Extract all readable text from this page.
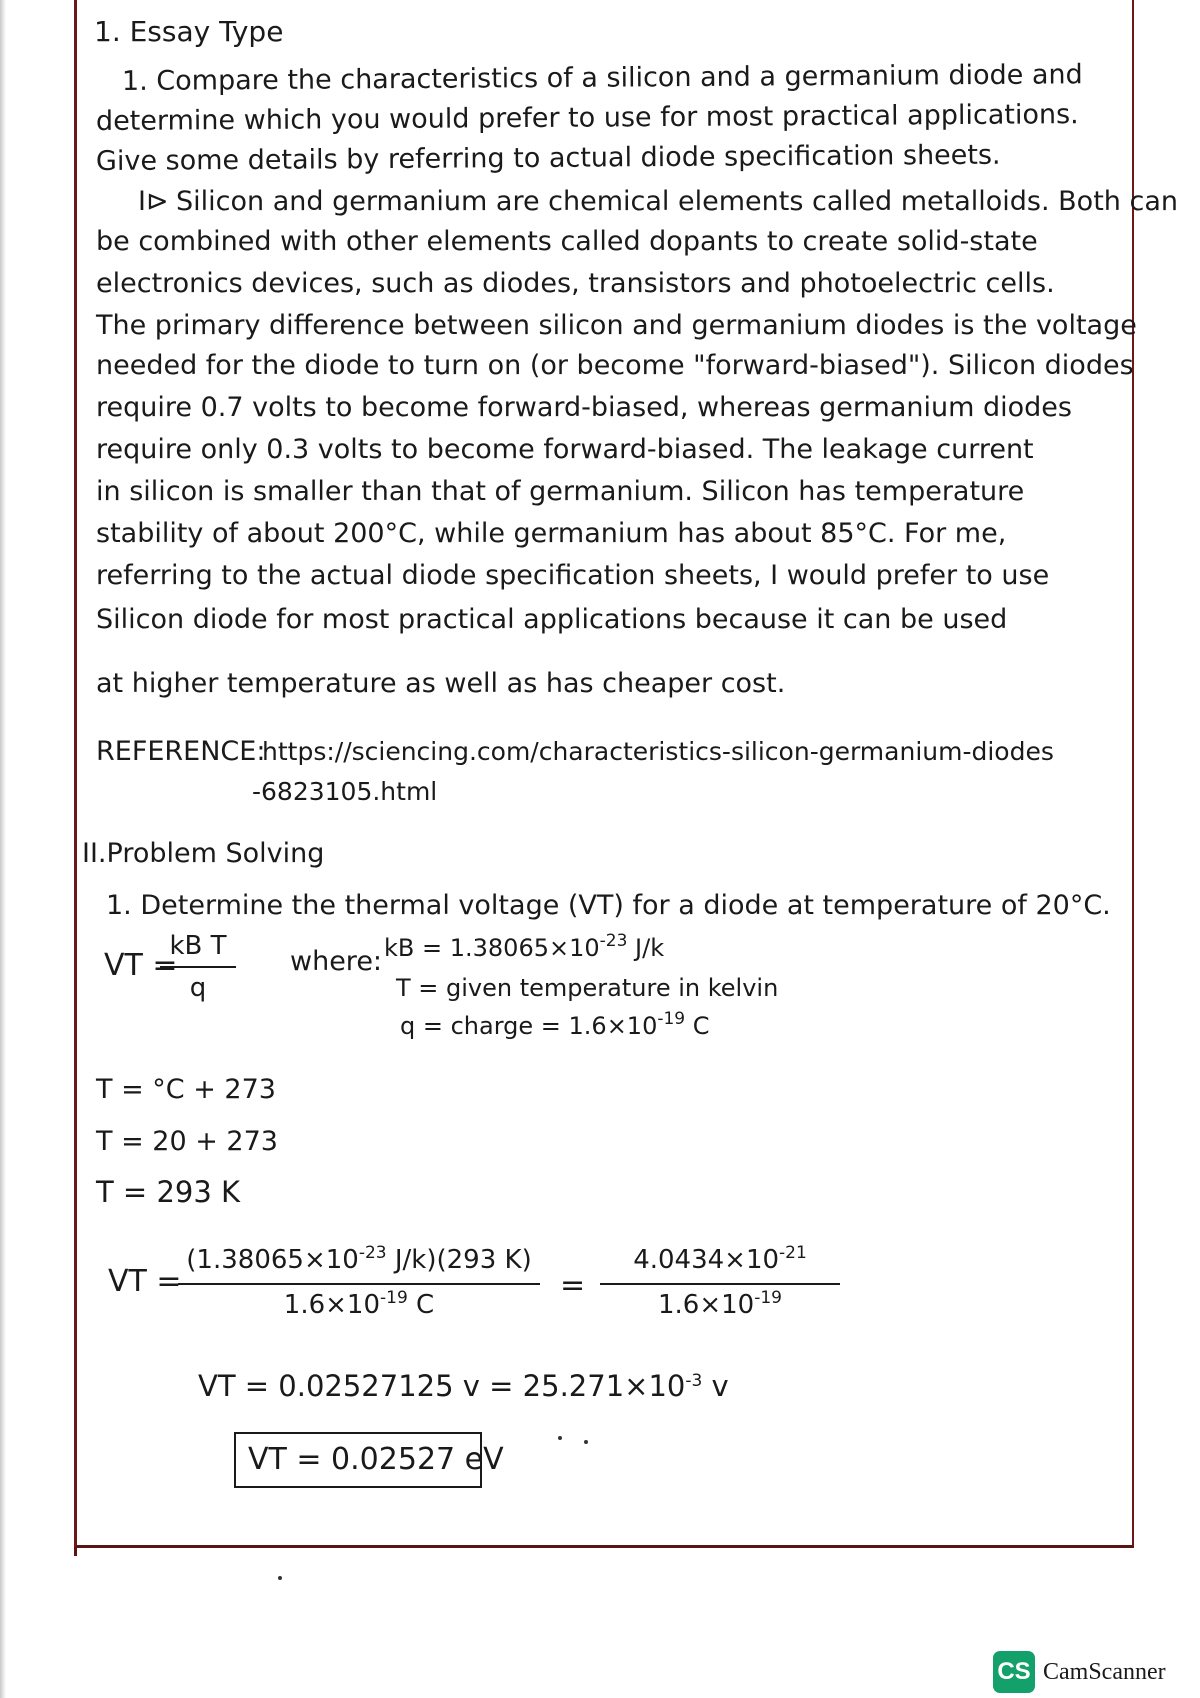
1. Essay Type
1. Compare the characteristics of a silicon and a germanium diode and
determine which you would prefer to use for most practical applications.
Give some details by referring to actual diode specification sheets.
I⊳ Silicon and germanium are chemical elements called metalloids. Both can
be combined with other elements called dopants to create solid-state
electronics devices, such as diodes, transistors and photoelectric cells.
The primary difference between silicon and germanium diodes is the voltage
needed for the diode to turn on (or become "forward-biased"). Silicon diodes
require 0.7 volts to become forward-biased, whereas germanium diodes
require only 0.3 volts to become forward-biased. The leakage current
in silicon is smaller than that of germanium. Silicon has temperature
stability of about 200°C, while germanium has about 85°C. For me,
referring to the actual diode specification sheets, I would prefer to use
Silicon diode for most practical applications because it can be used
at higher temperature as well as has cheaper cost.
REFERENCE:
https://sciencing.com/characteristics-silicon-germanium-diodes
-6823105.html
II.Problem Solving
1. Determine the thermal voltage (VT) for a diode at temperature of 20°C.
VT =
kB T
q
where: kB = $1.38065\times 10^{-23}$ J/k
T = given temperature in kelvin
q = charge = $1.6\times 10^{-19}$ C
T = °C + 273
T = 20 + 273
T = 293 K
VT =
($1.38065\times 10^{-23}$ J/k)(293 K)
$1.6\times 10^{-19}$ C
=
$4.0434\times 10^{-21}$
$1.6\times 10^{-19}$
VT = 0.02527125 $v = 25.271\times 10^{-3}$ v
VT = 0.02527 eV
CS CamScanner
